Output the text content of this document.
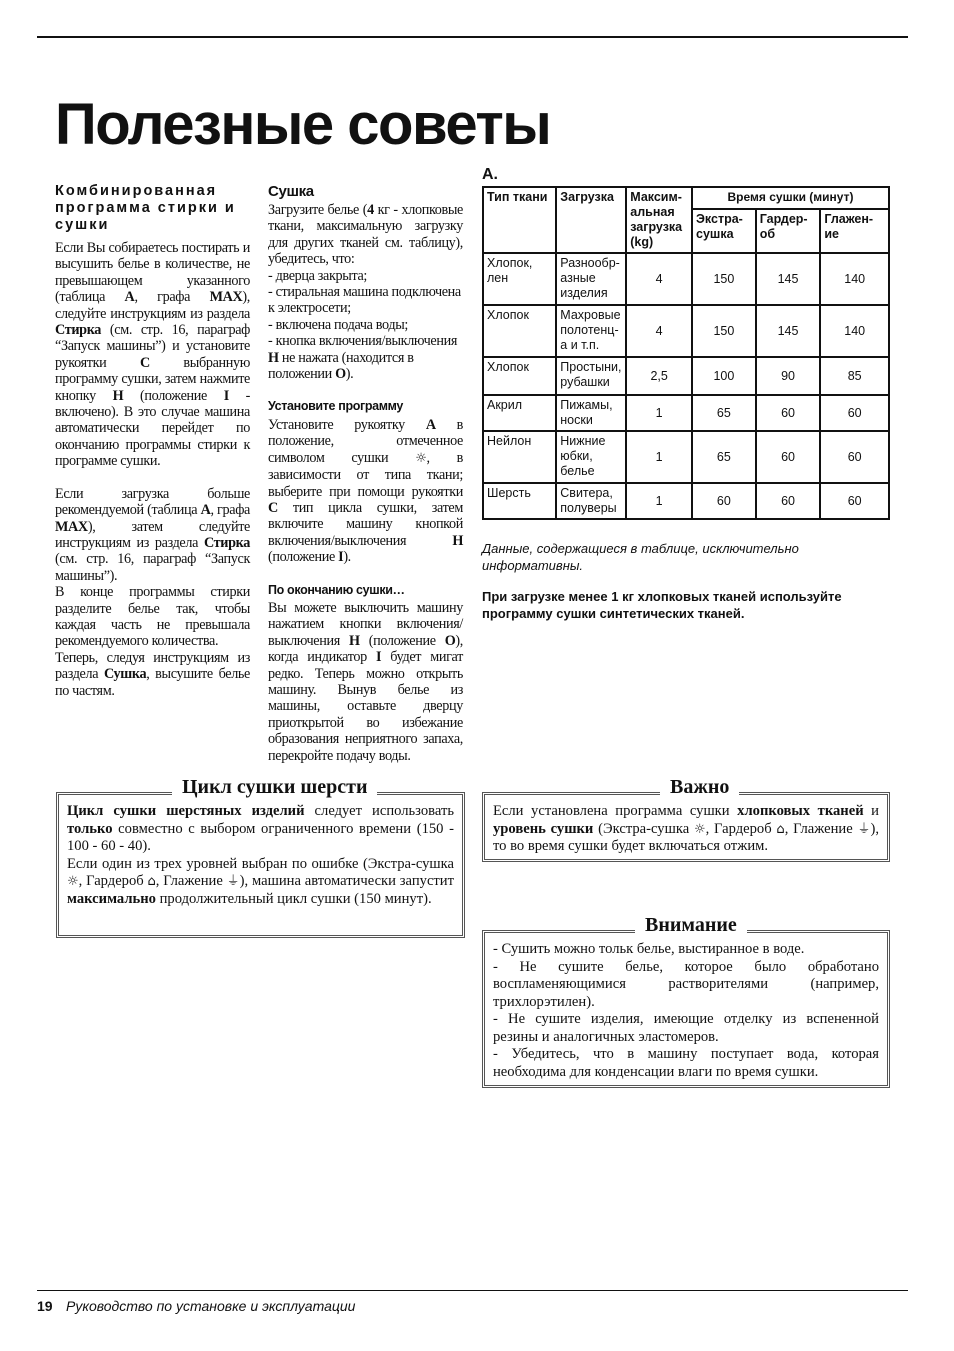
Полезные советы
Комбинированная программа стирки и сушки

Если Вы собираетесь постирать и высушить белье в количестве, не превышающем указанного (таблица A, графа MAX), следуйте инструкциям из раздела Стирка (см. стр. 16, параграф “Запуск машины”) и установите рукоятки C выбранную программу сушки, затем нажмите кнопку H (положение I - включено). В это случае машина автоматически перейдет по окончанию программы стирки к программе сушки.

Если загрузка больше рекомендуемой (таблица A, графа MAX), затем следуйте инструкциям из раздела Стирка (см. стр. 16, параграф “Запуск машины”).

В конце программы стирки разделите белье так, чтобы каждая часть не превышала рекомендуемого количества.

Теперь, следуя инструкциям из раздела Сушка, высушите белье по частям.

Сушка

Загрузите белье (4 кг - хлопковые ткани, максимальную загрузку для других тканей см. таблицу), убедитесь, что:

- дверца закрыта;

- стиральная машина подключена к электросети;

- включена подача воды;

- кнопка включения/выключения H не нажата (находится в положении O).

Установите программу

Установите рукоятку A в положение, отмеченное символом сушки ☼, в зависимости от типа ткани; выберите при помощи рукоятки C тип цикла сушки, затем включите машину кнопкой включения/выключения H (положение I).

По окончанию сушки…

Вы можете выключить машину нажатием кнопки включения/выключения H (положение O), когда индикатор I будет мигат редко. Теперь можно открыть машину. Вынув белье из машины, оставьте дверцу приоткрытой во избежание образования неприятного запаха, перекройте подачу воды.

A.
Тип ткани	Загрузка	Максим-альная загрузка (kg)	Время сушки (минут)		
			Экстра-сушка	Гардер-об	Глажен-ие
Хлопок, лен	Разнообр-азные изделия	4	150	145	140
Хлопок	Махровые полотенц-а и т.п.	4	150	145	140
Хлопок	Простыни, рубашки	2,5	100	90	85
Акрил	Пижамы, носки	1	65	60	60
Нейлон	Нижние юбки, белье	1	65	60	60
Шерсть	Свитера, полуверы	1	60	60	60
Данные, содержащиеся в таблице, исключительно информативны.
При загрузке менее 1 кг хлопковых тканей используйте программу сушки синтетических тканей.
Цикл сушки шерсти

Цикл сушки шерстяных изделий следует использовать только совместно с выбором ограниченного времени (150 - 100 - 60 - 40).

Если один из трех уровней выбран по ошибке (Экстра-сушка ☼, Гардероб ⌂, Глажение ⏚), машина автоматически запустит максимально продолжительный цикл сушки (150 минут).

Важно

Если установлена программа сушки хлопковых тканей и уровень сушки (Экстра-сушка ☼, Гардероб ⌂, Глажение ⏚), то во время сушки будет включаться отжим.

Внимание

- Сушить можно тольк белье, выстиранное в воде.

- Не сушите белье, которое было обработано воспламеняющимися растворителями (например, трихлорэтилен).

- Не сушите изделия, имеющие отделку из вспененной резины и аналогичных эластомеров.

- Убедитесь, что в машину поступает вода, которая необходима для конденсации влаги по время сушки.

19 Руководство по установке и эксплуатации
